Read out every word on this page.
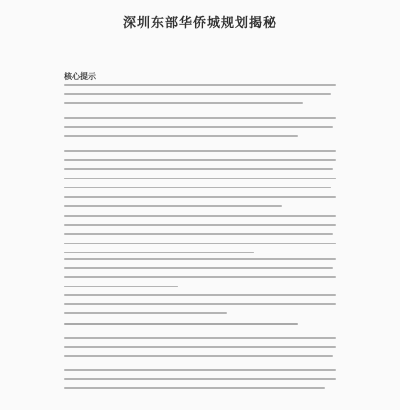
深圳东部华侨城规划揭秘
核心提示
